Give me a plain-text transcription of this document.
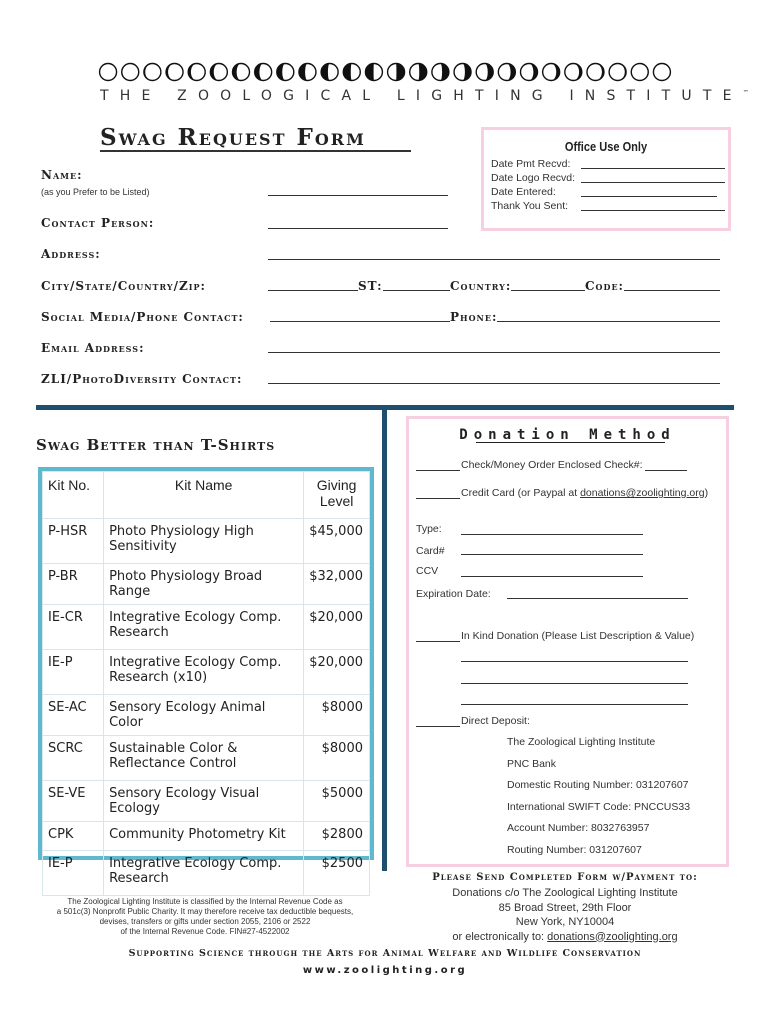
THE ZOOLOGICAL LIGHTING INSTITUTE™
Swag Request Form	Office Use Only
Date Pmt Recvd:
Date Logo Recvd:
Date Entered:
Thank You Sent:
Name:
(as you Prefer to be Listed)
Contact Person:
Address:
City/State/Country/Zip:	ST:	Country:	Code:
Social Media/Phone Contact:	Phone:
Email Address:
ZLI/PhotoDiversity Contact:
Swag Better than T-Shirts
Kit No.	Kit Name	Giving Level
P-HSR	Photo Physiology High Sensitivity	$45,000
P-BR	Photo Physiology Broad Range	$32,000
IE-CR	Integrative Ecology Comp. Research	$20,000
IE-P	Integrative Ecology Comp. Research (x10)	$20,000
SE-AC	Sensory Ecology Animal Color	$8000
SCRC	Sustainable Color & Reflectance Control	$8000
SE-VE	Sensory Ecology Visual Ecology	$5000
CPK	Community Photometry Kit	$2800
IE-P	Integrative Ecology Comp. Research	$2500
Donation Method
Check/Money Order Enclosed Check#:
Credit Card (or Paypal at donations@zoolighting.org)
Type:
Card#
CCV
Expiration Date:
In Kind Donation (Please List Description & Value)
Direct Deposit:
The Zoological Lighting Institute
PNC Bank
Domestic Routing Number: 031207607
International SWIFT Code: PNCCUS33
Account Number: 8032763957
Routing Number: 031207607
Please Send Completed Form w/Payment to:
Donations c/o The Zoological Lighting Institute
85 Broad Street, 29th Floor
New York, NY10004
or electronically to: donations@zoolighting.org
The Zoological Lighting Institute is classified by the Internal Revenue Code as
a 501c(3) Nonprofit Public Charity. It may therefore receive tax deductible bequests,
devises, transfers or gifts under section 2055, 2106 or 2522
of the Internal Revenue Code. FIN#27-4522002
Supporting Science through the Arts for Animal Welfare and Wildlife Conservation
www.zoolighting.org
